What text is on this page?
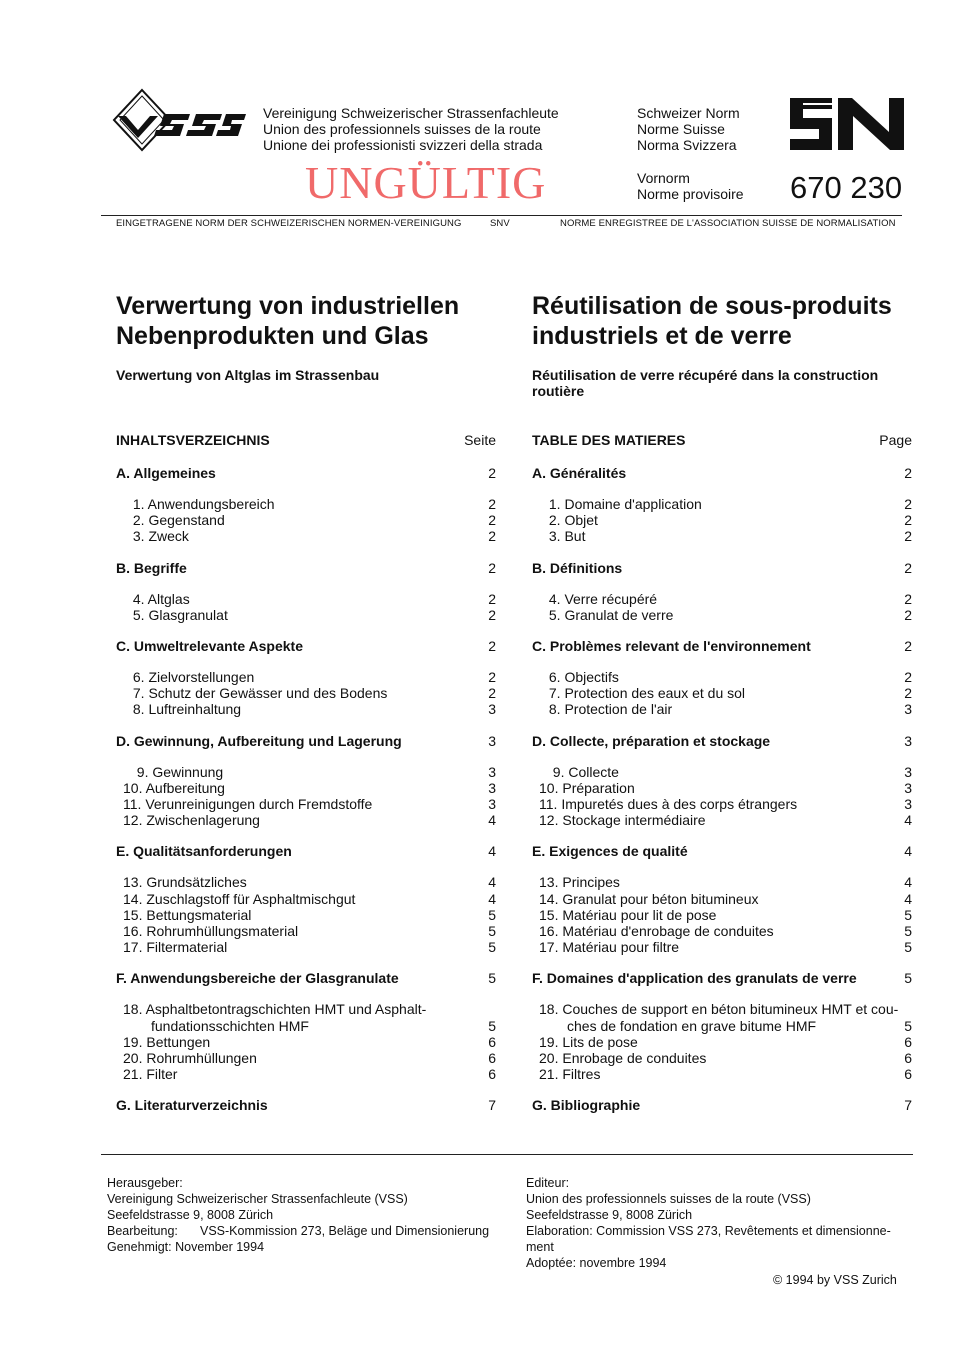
Vereinigung Schweizerischer Strassenfachleute
Union des professionnels suisses de la route
Unione dei professionisti svizzeri della strada
Schweizer Norm
Norme Suisse
Norma Svizzera
Vornorm
Norme provisoire
UNGÜLTIG	670 230
EINGETRAGENE NORM DER SCHWEIZERISCHEN NORMEN-VEREINIGUNG	SNV	NORME ENREGISTREE DE L'ASSOCIATION SUISSE DE NORMALISATION
Verwertung von industriellen
Nebenprodukten und Glas
Réutilisation de sous-produits
industriels et de verre
Verwertung von Altglas im Strassenbau	Réutilisation de verre récupéré dans la construction
routière
INHALTSVERZEICHNIS	Seite
A. Allgemeines	2
1. Anwendungsbereich	2
2. Gegenstand	2
3. Zweck	2
B. Begriffe	2
4. Altglas	2
5. Glasgranulat	2
C. Umweltrelevante Aspekte	2
6. Zielvorstellungen	2
7. Schutz der Gewässer und des Bodens	2
8. Luftreinhaltung	3
D. Gewinnung, Aufbereitung und Lagerung	3
9. Gewinnung	3
10. Aufbereitung	3
11. Verunreinigungen durch Fremdstoffe	3
12. Zwischenlagerung	4
E. Qualitätsanforderungen	4
13. Grundsätzliches	4
14. Zuschlagstoff für Asphaltmischgut	4
15. Bettungsmaterial	5
16. Rohrumhüllungsmaterial	5
17. Filtermaterial	5
F. Anwendungsbereiche der Glasgranulate	5
18. Asphaltbetontragschichten HMT und Asphalt-
fundationsschichten HMF	5
19. Bettungen	6
20. Rohrumhüllungen	6
21. Filter	6
G. Literaturverzeichnis	7
TABLE DES MATIERES	Page
A. Généralités	2
1. Domaine d'application	2
2. Objet	2
3. But	2
B. Définitions	2
4. Verre récupéré	2
5. Granulat de verre	2
C. Problèmes relevant de l'environnement	2
6. Objectifs	2
7. Protection des eaux et du sol	2
8. Protection de l'air	3
D. Collecte, préparation et stockage	3
9. Collecte	3
10. Préparation	3
11. Impuretés dues à des corps étrangers	3
12. Stockage intermédiaire	4
E. Exigences de qualité	4
13. Principes	4
14. Granulat pour béton bitumineux	4
15. Matériau pour lit de pose	5
16. Matériau d'enrobage de conduites	5
17. Matériau pour filtre	5
F. Domaines d'application des granulats de verre	5
18. Couches de support en béton bitumineux HMT et cou-
ches de fondation en grave bitume HMF	5
19. Lits de pose	6
20. Enrobage de conduites	6
21. Filtres	6
G. Bibliographie	7
Herausgeber:
Vereinigung Schweizerischer Strassenfachleute (VSS)
Seefeldstrasse 9, 8008 Zürich
Bearbeitung:	VSS-Kommission 273, Beläge und Dimensionierung
Genehmigt: November 1994
Editeur:
Union des professionnels suisses de la route (VSS)
Seefeldstrasse 9, 8008 Zürich
Elaboration: Commission VSS 273, Revêtements et dimensionne-
ment
Adoptée: novembre 1994
© 1994 by VSS Zurich
